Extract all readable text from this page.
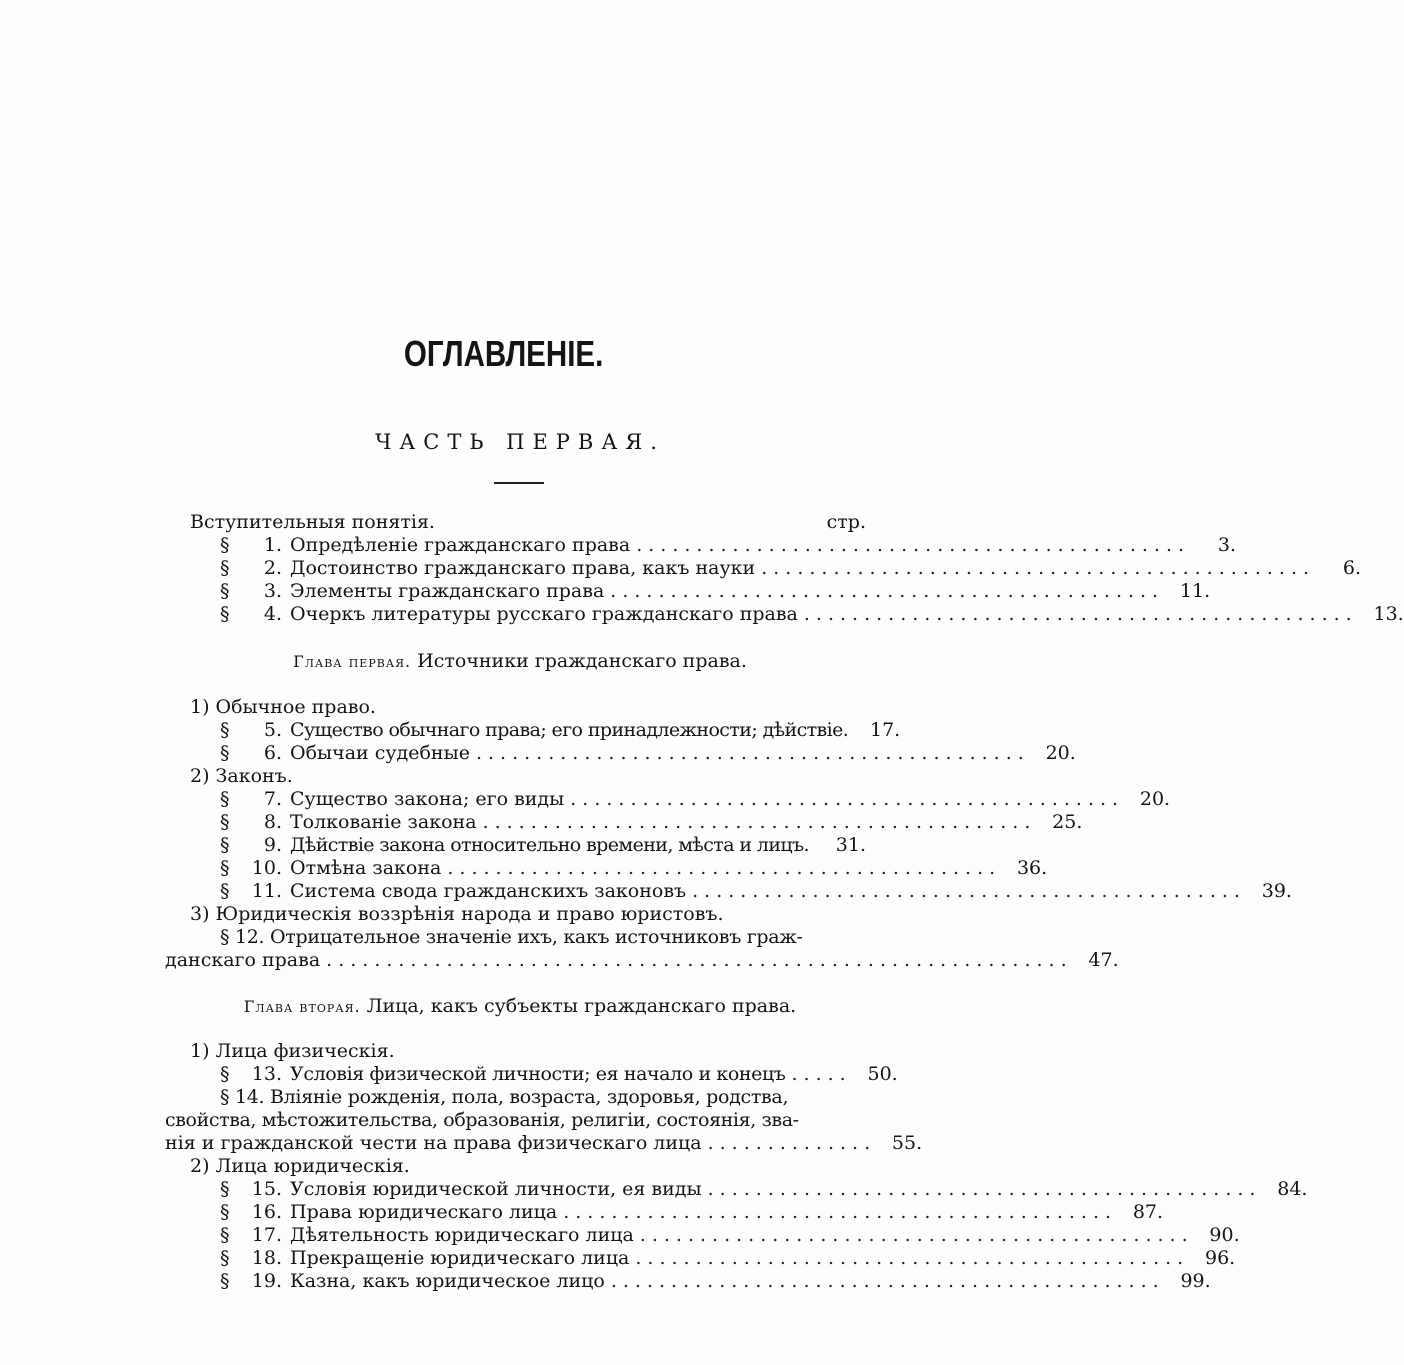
ОГЛАВЛЕНІЕ.
ЧАСТЬ ПЕРВАЯ.
Вступительныя понятія.	стр.
§	1. Опредѣленіе гражданскаго права ..............................................	3.
§	2. Достоинство гражданскаго права, какъ науки ..............................................	6.
§	3. Элементы гражданскаго права .............................................. 11.
§	4. Очеркъ литературы русскаго гражданскаго права .............................................. 13.
Глава первая. Источники гражданскаго права.
1) Обычное право.
§	5. Существо обычнаго права; его принадлежности; дѣйствіе.	17.
§	6. Обычаи судебные .............................................. 20.
2) Законъ.
§	7. Существо закона; его виды .............................................. 20.
§	8. Толкованіе закона .............................................. 25.
§	9. Дѣйствіе закона относительно времени, мѣста и лицъ.	31.
§	10. Отмѣна закона .............................................. 36.
§	11. Система свода гражданскихъ законовъ .............................................. 39.
3) Юридическія воззрѣнія народа и право юристовъ.
§ 12. Отрицательное значеніе ихъ, какъ источниковъ граж-
данскаго права .............................................................. 47.
Глава вторая. Лица, какъ субъекты гражданскаго права.
1) Лица физическія.
§	13. Условія физической личности; ея начало и конецъ ..... 50.
§ 14. Вліяніе рожденія, пола, возраста, здоровья, родства,
свойства, мѣстожительства, образованія, религіи, состоянія, зва-
нія и гражданской чести на права физическаго лица .............. 55.
2) Лица юридическія.
§	15. Условія юридической личности, ея виды .............................................. 84.
§	16. Права юридическаго лица .............................................. 87.
§	17. Дѣятельность юридическаго лица .............................................. 90.
§	18. Прекращеніе юридическаго лица .............................................. 96.
§	19. Казна, какъ юридическое лицо .............................................. 99.
